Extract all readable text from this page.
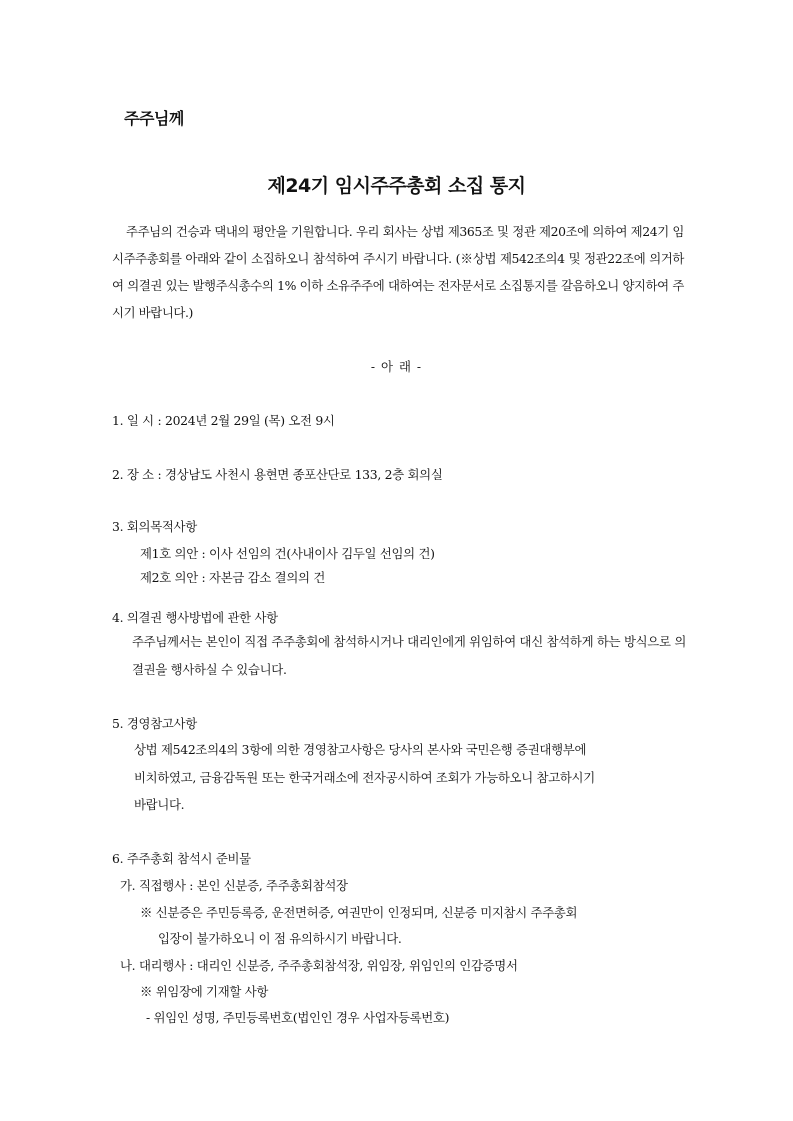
주주님께
제24기 임시주주총회 소집 통지
주주님의 건승과 댁내의 평안을 기원합니다. 우리 회사는 상법 제365조 및 정관 제20조에 의하여 제24기 임시주주총회를 아래와 같이 소집하오니 참석하여 주시기 바랍니다. (※상법 제542조의4 및 정관22조에 의거하여 의결권 있는 발행주식총수의 1% 이하 소유주주에 대하여는 전자문서로 소집통지를 갈음하오니 양지하여 주시기 바랍니다.)
- 아 래 -
1. 일 시 : 2024년 2월 29일 (목) 오전 9시
2. 장 소 : 경상남도 사천시 용현면 종포산단로 133, 2층 회의실
3. 회의목적사항
제1호 의안 : 이사 선임의 건(사내이사 김두일 선임의 건)
제2호 의안 : 자본금 감소 결의의 건
4. 의결권 행사방법에 관한 사항
주주님께서는 본인이 직접 주주총회에 참석하시거나 대리인에게 위임하여 대신 참석하게 하는 방식으로 의결권을 행사하실 수 있습니다.
5. 경영참고사항
상법 제542조의4의 3항에 의한 경영참고사항은 당사의 본사와 국민은행 증권대행부에
비치하였고, 금융감독원 또는 한국거래소에 전자공시하여 조회가 가능하오니 참고하시기
바랍니다.
6. 주주총회 참석시 준비물
가. 직접행사 : 본인 신분증, 주주총회참석장
※ 신분증은 주민등록증, 운전면허증, 여권만이 인정되며, 신분증 미지참시 주주총회
입장이 불가하오니 이 점 유의하시기 바랍니다.
나. 대리행사 : 대리인 신분증, 주주총회참석장, 위임장, 위임인의 인감증명서
※ 위임장에 기재할 사항
- 위임인 성명, 주민등록번호(법인인 경우 사업자등록번호)
